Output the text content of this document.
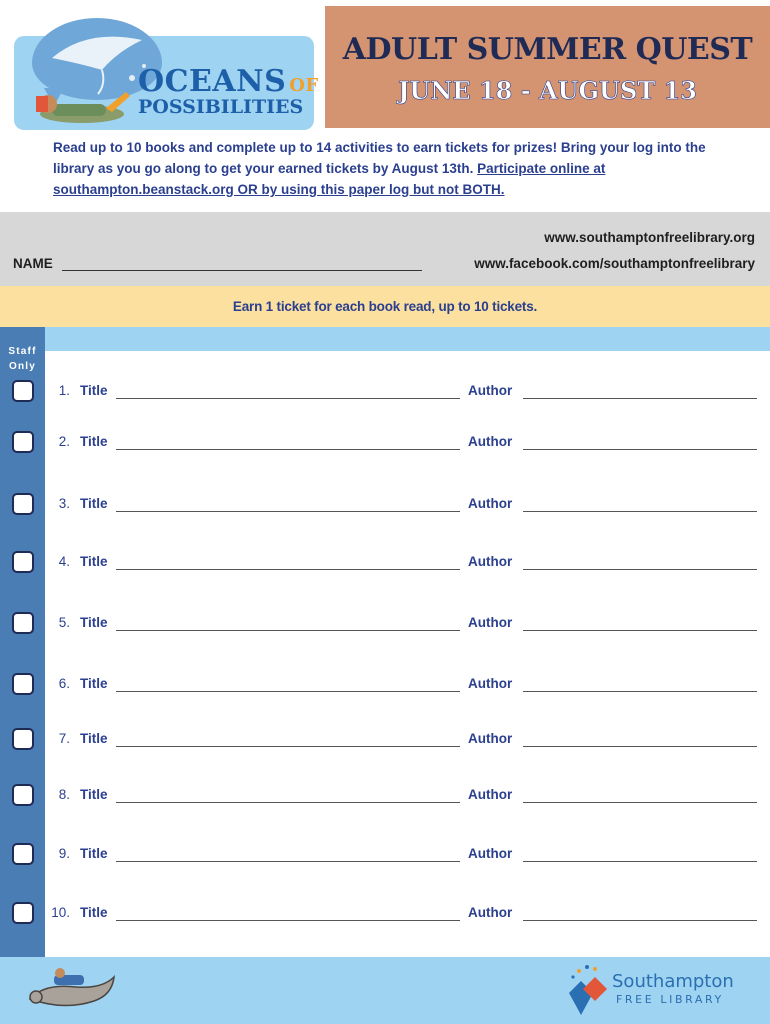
OCEANS OF
POSSIBILITIES
ADULT SUMMER QUEST
JUNE 18 - AUGUST 13
Read up to 10 books and complete up to 14 activities to earn tickets for prizes! Bring your log into the library as you go along to get your earned tickets by August 13th. Participate online at southampton.beanstack.org OR by using this paper log but not BOTH.
www.southamptonfreelibrary.org
NAME	www.facebook.com/southamptonfreelibrary
Earn 1 ticket for each book read, up to 10 tickets.
Staff Only
1. Title	Author
2. Title	Author
3. Title	Author
4. Title	Author
5. Title	Author
6. Title	Author
7. Title	Author
8. Title	Author
9. Title	Author
10. Title	Author
Southampton
FREE LIBRARY
